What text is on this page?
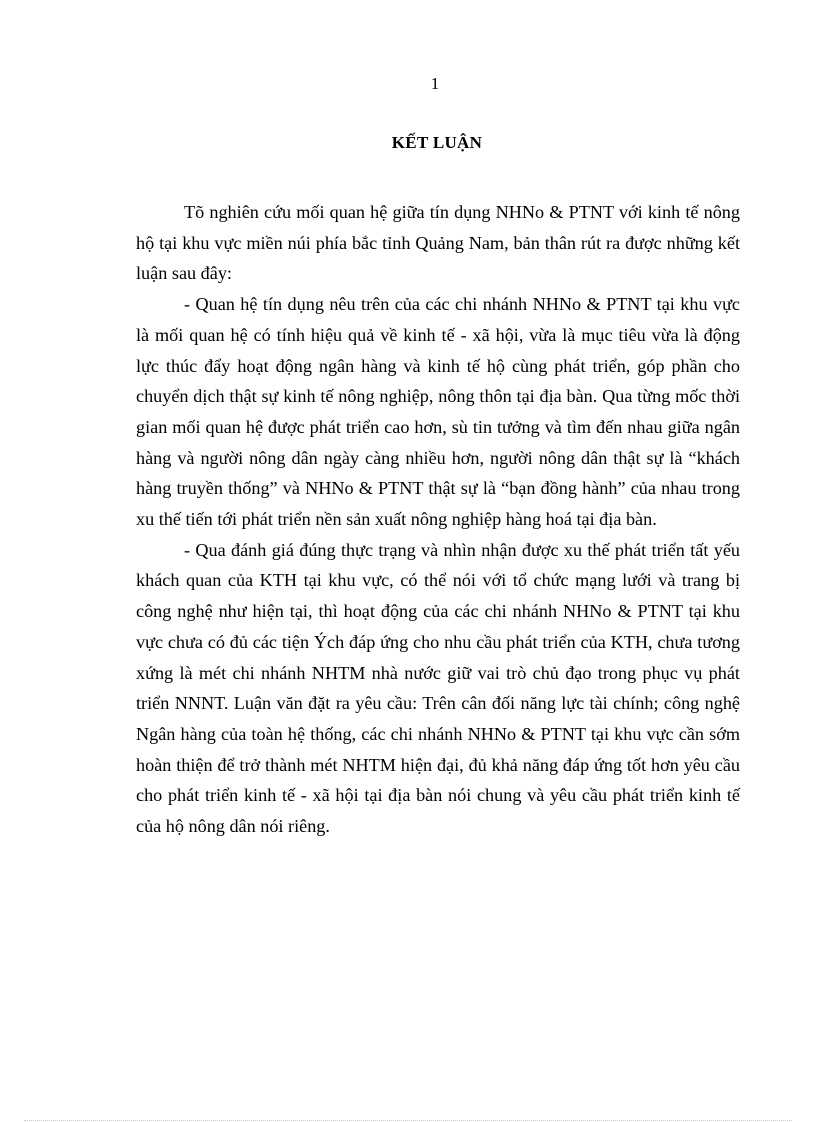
1
KẾT LUẬN

Tõ nghiên cứu mối quan hệ giữa tín dụng NHNo & PTNT với kinh tế nông hộ tại khu vực miền núi phía bắc tỉnh Quảng Nam, bản thân rút ra được những kết luận sau đây:

- Quan hệ tín dụng nêu trên của các chi nhánh NHNo & PTNT tại khu vực là mối quan hệ có tính hiệu quả về kinh tế - xã hội, vừa là mục tiêu vừa là động lực thúc đẩy hoạt động ngân hàng và kinh tế hộ cùng phát triển, góp phần cho chuyển dịch thật sự kinh tế nông nghiệp, nông thôn tại địa bàn. Qua từng mốc thời gian mối quan hệ được phát triển cao hơn, sù tin tưởng và tìm đến nhau giữa ngân hàng và người nông dân ngày càng nhiều hơn, người nông dân thật sự là “khách hàng truyền thống” và NHNo & PTNT thật sự là “bạn đồng hành” của nhau trong xu thế tiến tới phát triển nền sản xuất nông nghiệp hàng hoá tại địa bàn.

- Qua đánh giá đúng thực trạng và nhìn nhận được xu thế phát triển tất yếu khách quan của KTH tại khu vực, có thể nói với tổ chức mạng lưới và trang bị công nghệ như hiện tại, thì hoạt động của các chi nhánh NHNo & PTNT tại khu vực chưa có đủ các tiện Ých đáp ứng cho nhu cầu phát triển của KTH, chưa tương xứng là mét chi nhánh NHTM nhà nước giữ vai trò chủ đạo trong phục vụ phát triển NNNT. Luận văn đặt ra yêu cầu: Trên cân đối năng lực tài chính; công nghệ Ngân hàng của toàn hệ thống, các chi nhánh NHNo & PTNT tại khu vực cần sớm hoàn thiện để trở thành mét NHTM hiện đại, đủ khả năng đáp ứng tốt hơn yêu cầu cho phát triển kinh tế - xã hội tại địa bàn nói chung và yêu cầu phát triển kinh tế của hộ nông dân nói riêng.
